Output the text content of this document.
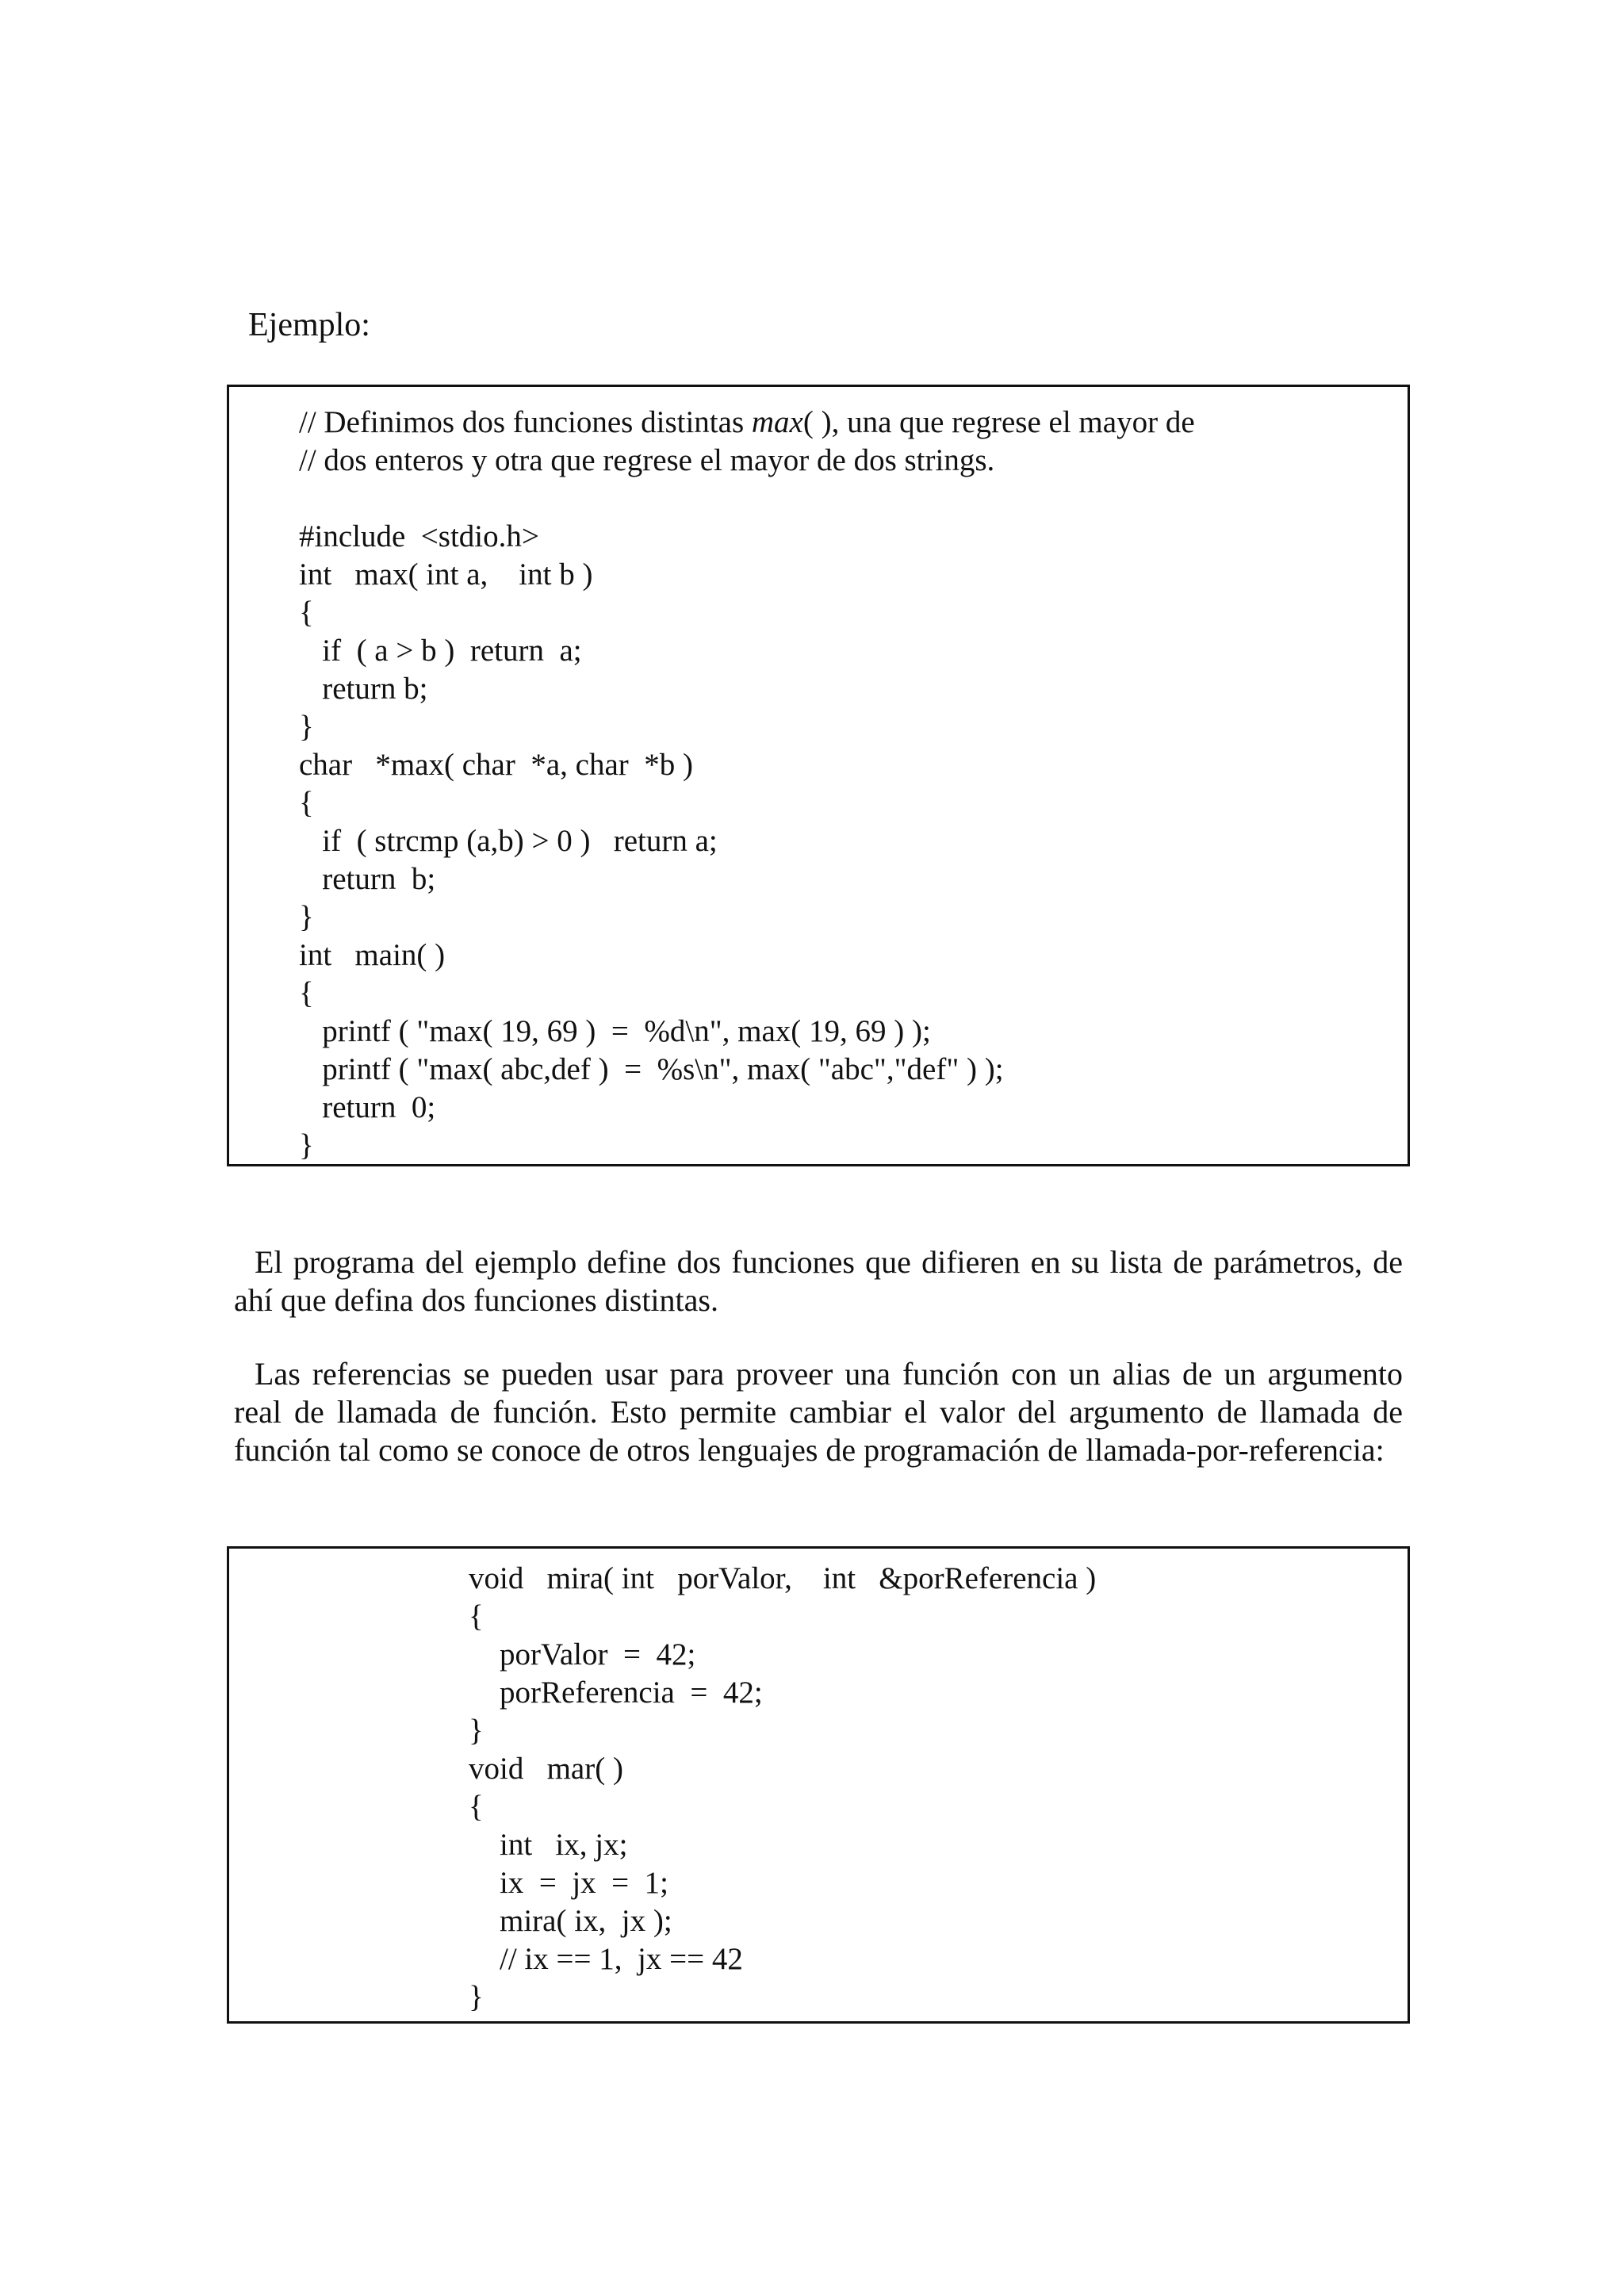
Ejemplo:
// Definimos dos funciones distintas max( ), una que regrese el mayor de
// dos enteros y otra que regrese el mayor de dos strings.
#include  <stdio.h>
int   max( int a,    int b )
{
if  ( a > b )  return  a;
return b;
}
char   *max( char  *a, char  *b )
{
if  ( strcmp (a,b) > 0 )   return a;
return  b;
}
int   main( )
{
printf ( "max( 19, 69 )  =  %d\n", max( 19, 69 ) );
printf ( "max( abc,def )  =  %s\n", max( "abc","def" ) );
return  0;
}

El programa del ejemplo define dos funciones que difieren en su lista de parámetros, de ahí que defina dos funciones distintas.

Las referencias se pueden usar para proveer una función con un alias de un argumento real de llamada de función. Esto permite cambiar el valor del argumento de llamada de función tal como se conoce de otros lenguajes de programación de llamada-por-referencia:

void   mira( int   porValor,    int   &porReferencia )
{
porValor  =  42;
porReferencia  =  42;
}
void   mar( )
{
int   ix, jx;
ix  =  jx  =  1;
mira( ix,  jx );
// ix == 1,  jx == 42
}
